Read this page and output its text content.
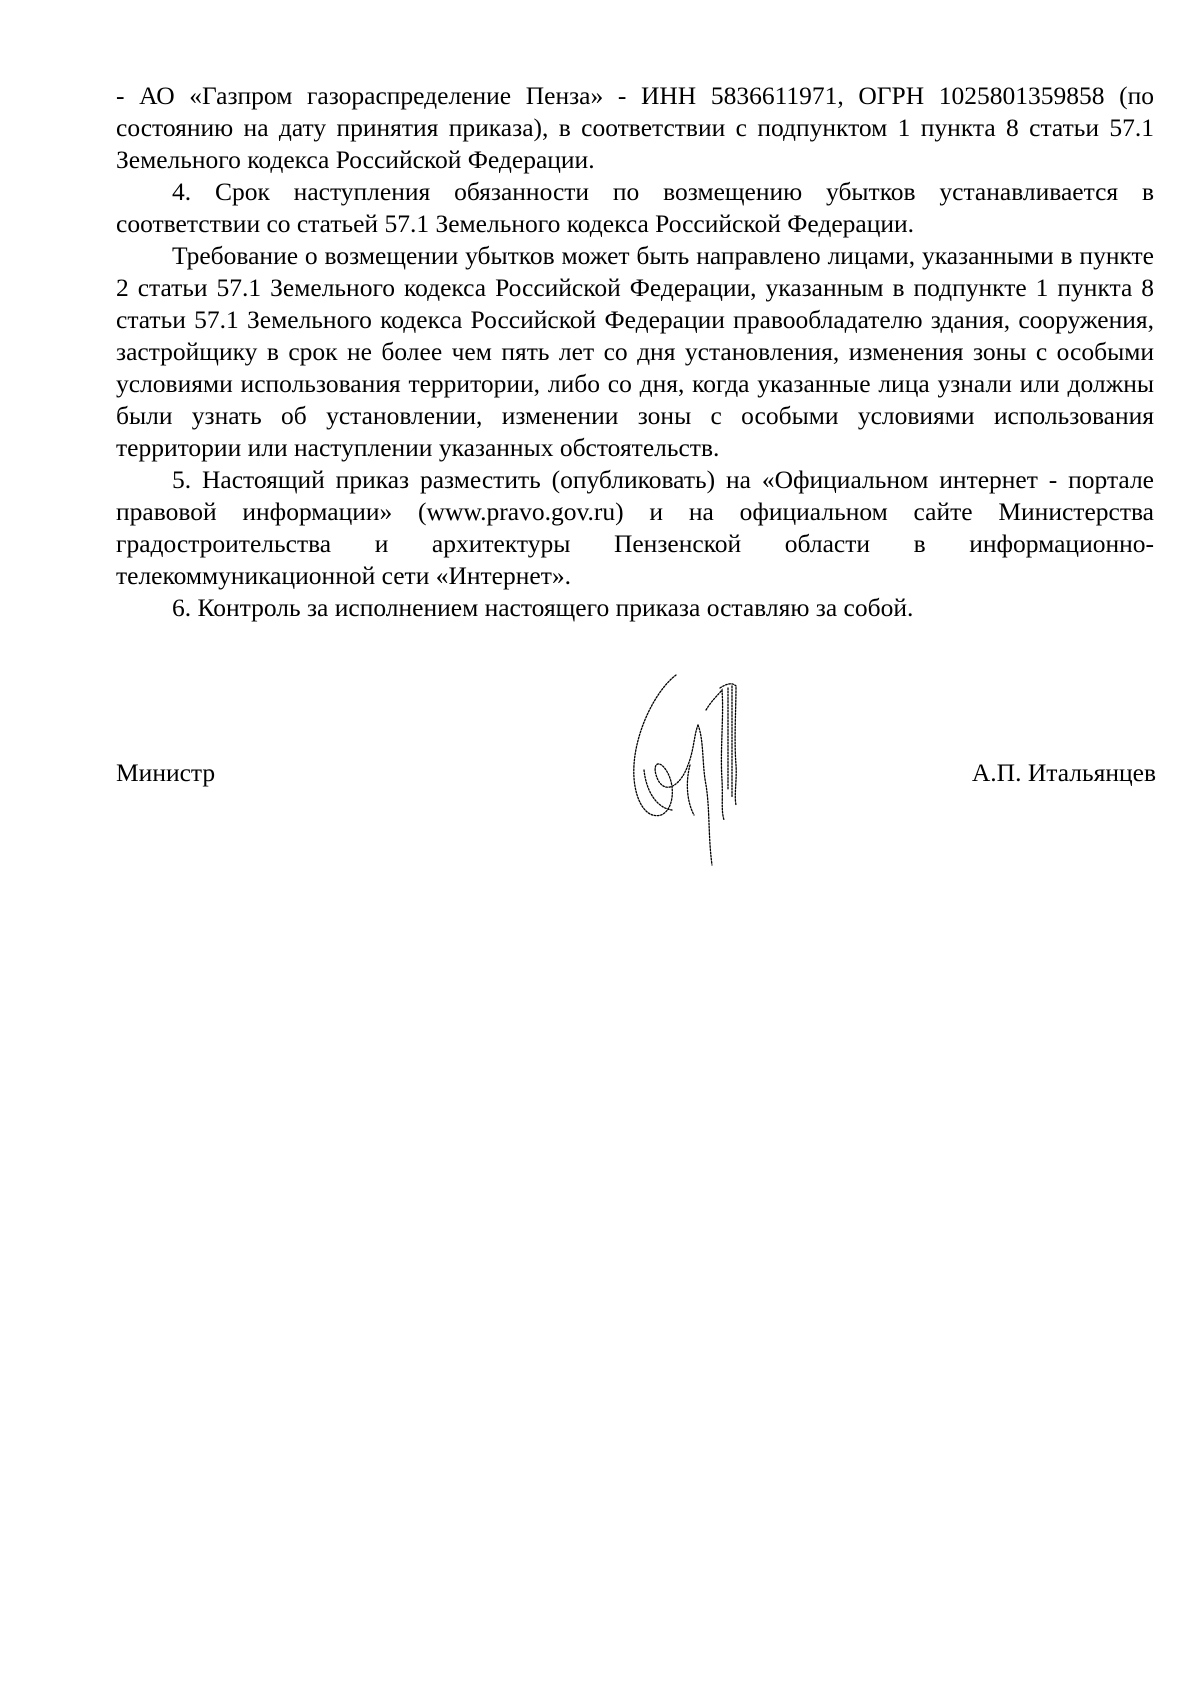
- АО «Газпром газораспределение Пенза» - ИНН 5836611971, ОГРН 1025801359858 (по состоянию на дату принятия приказа), в соответствии с подпунктом 1 пункта 8 статьи 57.1 Земельного кодекса Российской Федерации.

4. Срок наступления обязанности по возмещению убытков устанавливается в соответствии со статьей 57.1 Земельного кодекса Российской Федерации.

Требование о возмещении убытков может быть направлено лицами, указанными в пункте 2 статьи 57.1 Земельного кодекса Российской Федерации, указанным в подпункте 1 пункта 8 статьи 57.1 Земельного кодекса Российской Федерации правообладателю здания, сооружения, застройщику в срок не более чем пять лет со дня установления, изменения зоны с особыми условиями использования территории, либо со дня, когда указанные лица узнали или должны были узнать об установлении, изменении зоны с особыми условиями использования территории или наступлении указанных обстоятельств.

5. Настоящий приказ разместить (опубликовать) на «Официальном интернет - портале правовой информации» (www.pravo.gov.ru) и на официальном сайте Министерства градостроительства и архитектуры Пензенской области в информационно-телекоммуникационной сети «Интернет».

6. Контроль за исполнением настоящего приказа оставляю за собой.

Министр	А.П. Итальянцев
